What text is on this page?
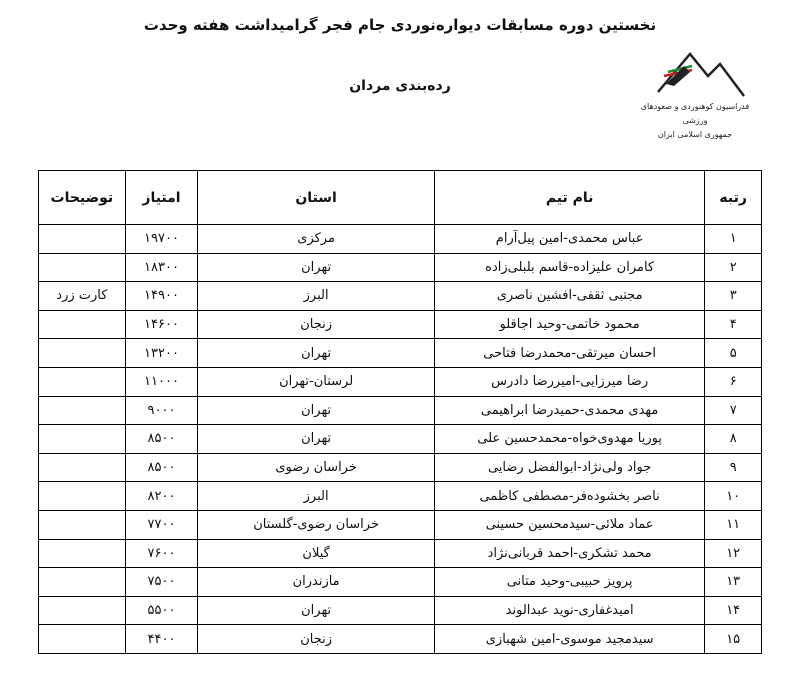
نخستین دوره مسابقات دیوارەنوردی جام فجر گرامیداشت هفته وحدت
ردەبندی مردان
فدراسیون کوهنوردی و صعودهای ورزشی
جمهوری اسلامی ایران
رتبه	نام تیم	استان	امتیاز	توضیحات
۱	عباس محمدی-امین پیل‌آرام	مرکزی	۱۹۷۰۰	
۲	کامران علیزاده-قاسم بلبلی‌زاده	تهران	۱۸۳۰۰	
۳	مجتبی ثقفی-افشین ناصری	البرز	۱۴۹۰۰	کارت زرد
۴	محمود خاتمی-وحید اجاقلو	زنجان	۱۴۶۰۰	
۵	احسان میرتقی-محمدرضا فتاحی	تهران	۱۳۲۰۰	
۶	رضا میرزایی-امیررضا دادرس	لرستان-تهران	۱۱۰۰۰	
۷	مهدی محمدی-حمیدرضا ابراهیمی	تهران	۹۰۰۰	
۸	پوریا مهدوی‌خواه-محمدحسین علی	تهران	۸۵۰۰	
۹	جواد ولی‌نژاد-ابوالفضل رضایی	خراسان رضوی	۸۵۰۰	
۱۰	ناصر بخشوده‌فر-مصطفی کاظمی	البرز	۸۲۰۰	
۱۱	عماد ملائی-سیدمحسین حسینی	خراسان رضوی-گلستان	۷۷۰۰	
۱۲	محمد تشکری-احمد قربانی‌نژاد	گیلان	۷۶۰۰	
۱۳	پرویز حبیبی-وحید متانی	مازندران	۷۵۰۰	
۱۴	امیدغفاری-نوید عبدالوند	تهران	۵۵۰۰	
۱۵	سیدمجید موسوی-امین شهبازی	زنجان	۴۴۰۰	
